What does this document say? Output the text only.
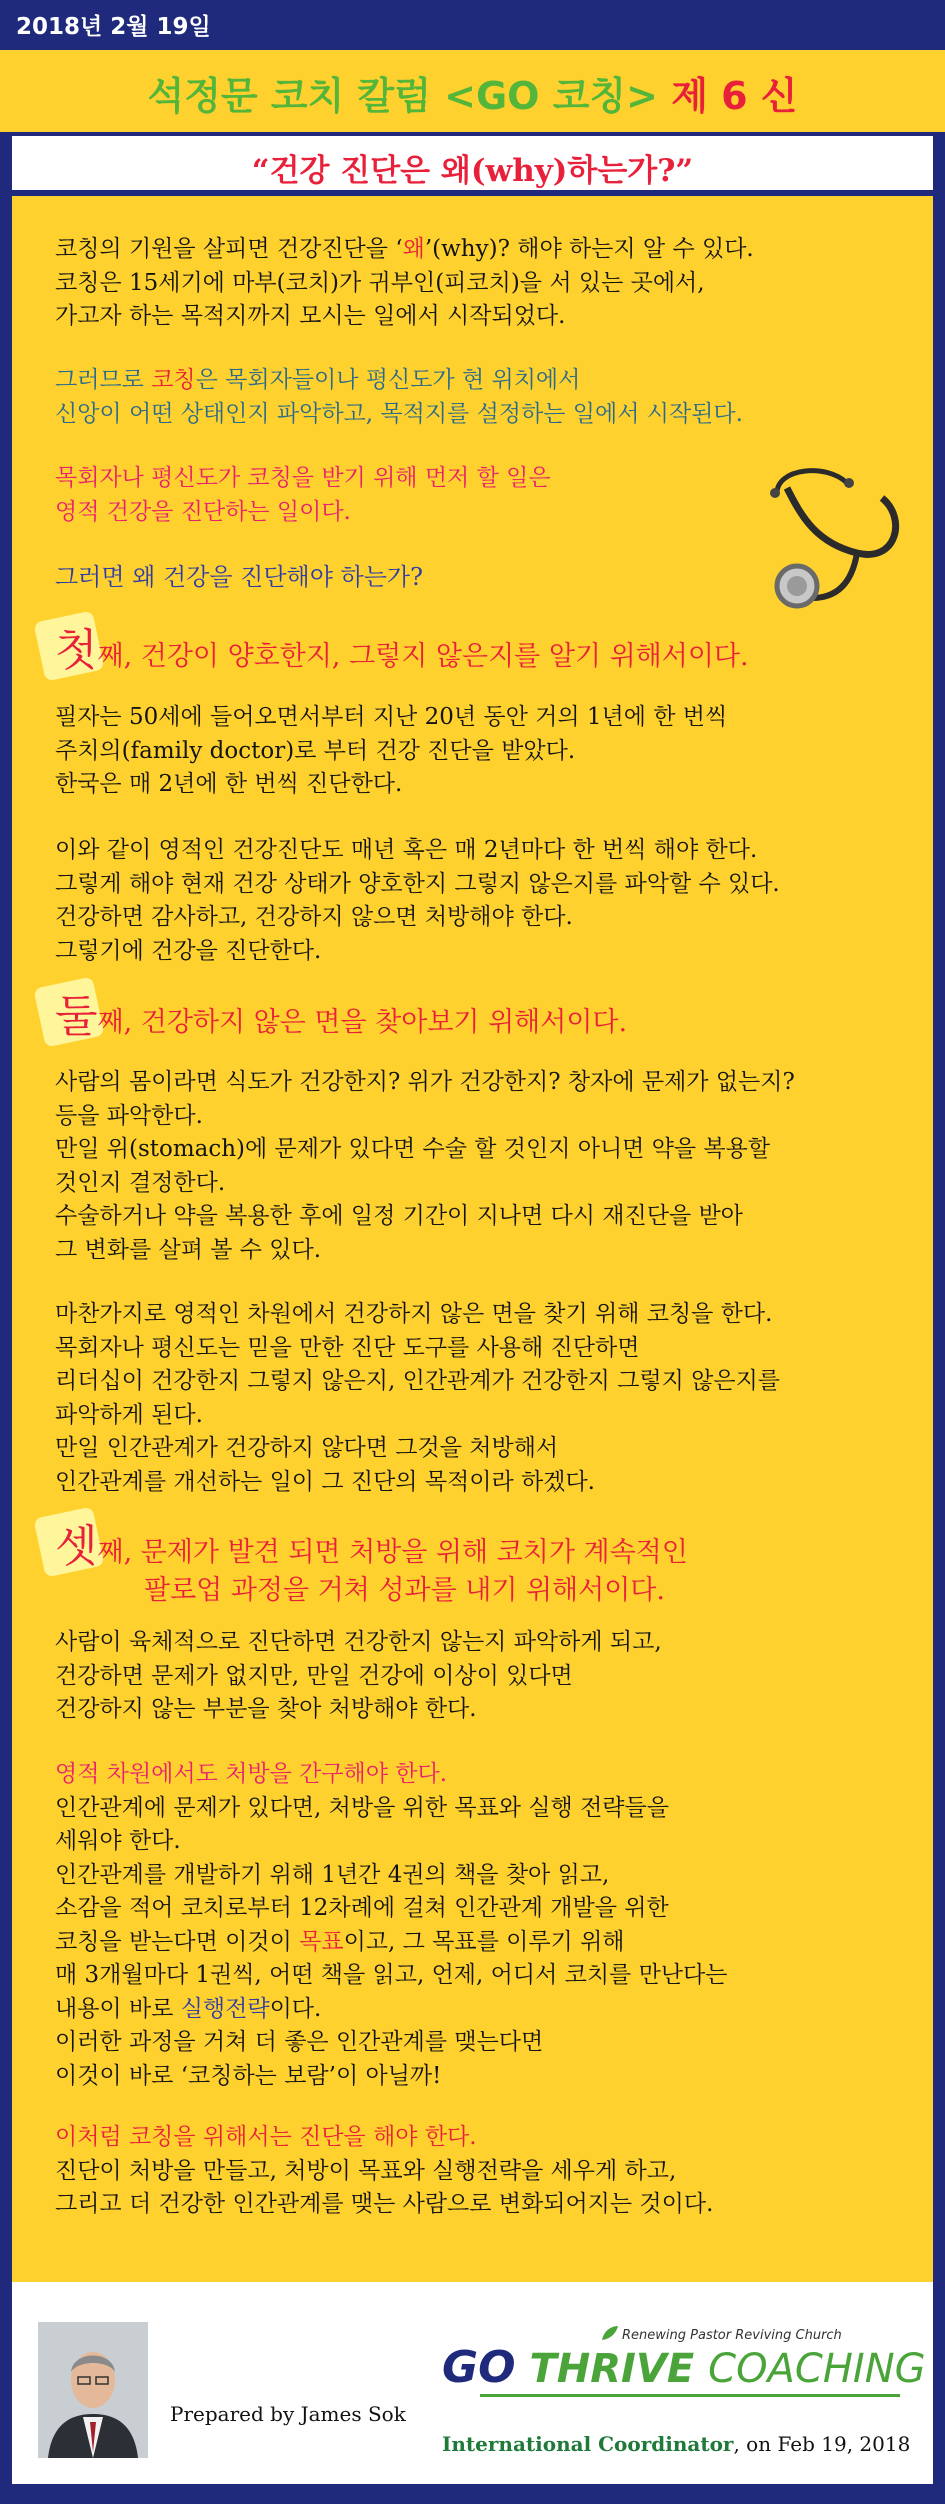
2018년 2월 19일
석정문 코치 칼럼 <GO 코칭> 제 6 신
“건강 진단은 왜(why)하는가?”
코칭의 기원을 살피면 건강진단을 ‘왜’(why)? 해야 하는지 알 수 있다.
코칭은 15세기에 마부(코치)가 귀부인(피코치)을 서 있는 곳에서,
가고자 하는 목적지까지 모시는 일에서 시작되었다.
그러므로 코칭은 목회자들이나 평신도가 현 위치에서
신앙이 어떤 상태인지 파악하고, 목적지를 설정하는 일에서 시작된다.
목회자나 평신도가 코칭을 받기 위해 먼저 할 일은
영적 건강을 진단하는 일이다.
그러면 왜 건강을 진단해야 하는가?
첫째, 건강이 양호한지, 그렇지 않은지를 알기 위해서이다.
필자는 50세에 들어오면서부터 지난 20년 동안 거의 1년에 한 번씩
주치의(family doctor)로 부터 건강 진단을 받았다.
한국은 매 2년에 한 번씩 진단한다.
이와 같이 영적인 건강진단도 매년 혹은 매 2년마다 한 번씩 해야 한다.
그렇게 해야 현재 건강 상태가 양호한지 그렇지 않은지를 파악할 수 있다.
건강하면 감사하고, 건강하지 않으면 처방해야 한다.
그렇기에 건강을 진단한다.
둘째, 건강하지 않은 면을 찾아보기 위해서이다.
사람의 몸이라면 식도가 건강한지? 위가 건강한지? 창자에 문제가 없는지?
등을 파악한다.
만일 위(stomach)에 문제가 있다면 수술 할 것인지 아니면 약을 복용할
것인지 결정한다.
수술하거나 약을 복용한 후에 일정 기간이 지나면 다시 재진단을 받아
그 변화를 살펴 볼 수 있다.
마찬가지로 영적인 차원에서 건강하지 않은 면을 찾기 위해 코칭을 한다.
목회자나 평신도는 믿을 만한 진단 도구를 사용해 진단하면
리더십이 건강한지 그렇지 않은지, 인간관계가 건강한지 그렇지 않은지를
파악하게 된다.
만일 인간관계가 건강하지 않다면 그것을 처방해서
인간관계를 개선하는 일이 그 진단의 목적이라 하겠다.
셋째, 문제가 발견 되면 처방을 위해 코치가 계속적인
팔로업 과정을 거쳐 성과를 내기 위해서이다.
사람이 육체적으로 진단하면 건강한지 않는지 파악하게 되고,
건강하면 문제가 없지만, 만일 건강에 이상이 있다면
건강하지 않는 부분을 찾아 처방해야 한다.
영적 차원에서도 처방을 간구해야 한다.
인간관계에 문제가 있다면, 처방을 위한 목표와 실행 전략들을
세워야 한다.
인간관계를 개발하기 위해 1년간 4권의 책을 찾아 읽고,
소감을 적어 코치로부터 12차례에 걸쳐 인간관계 개발을 위한
코칭을 받는다면 이것이 목표이고, 그 목표를 이루기 위해
매 3개월마다 1권씩, 어떤 책을 읽고, 언제, 어디서 코치를 만난다는
내용이 바로 실행전략이다.
이러한 과정을 거쳐 더 좋은 인간관계를 맺는다면
이것이 바로 ‘코칭하는 보람’이 아닐까!
이처럼 코칭을 위해서는 진단을 해야 한다.
진단이 처방을 만들고, 처방이 목표와 실행전략을 세우게 하고,
그리고 더 건강한 인간관계를 맺는 사람으로 변화되어지는 것이다.
Prepared by James Sok
Renewing Pastor Reviving Church
GO THRIVE COACHING
International Coordinator, on Feb 19, 2018
